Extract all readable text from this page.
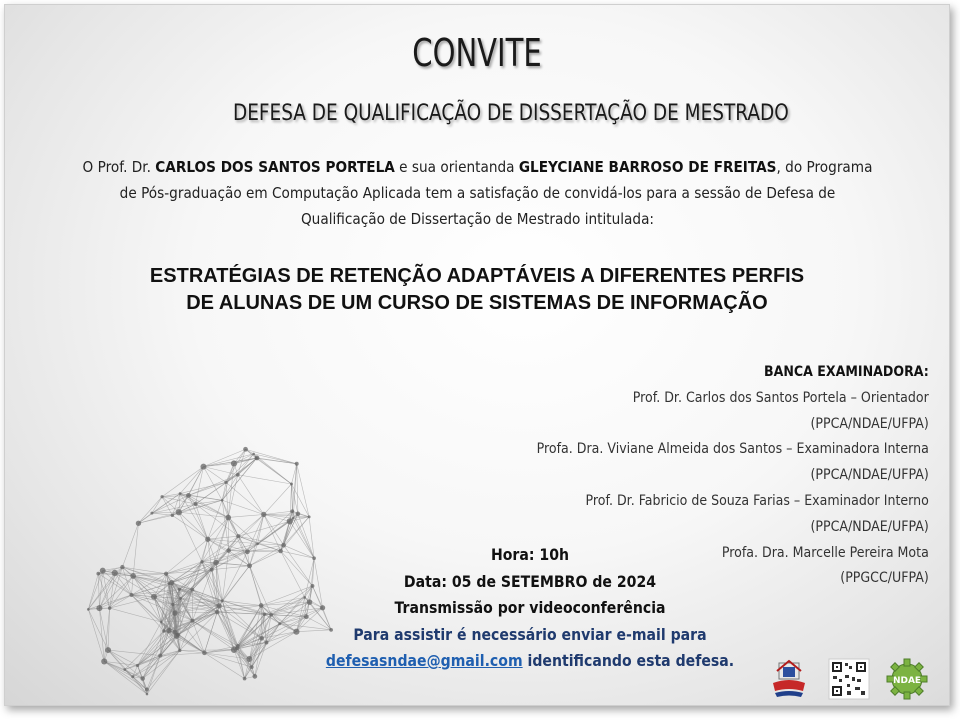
CONVITE
DEFESA DE QUALIFICAÇÃO DE DISSERTAÇÃO DE MESTRADO
O Prof. Dr. CARLOS DOS SANTOS PORTELA e sua orientanda GLEYCIANE BARROSO DE FREITAS, do Programa
de Pós-graduação em Computação Aplicada tem a satisfação de convidá-los para a sessão de Defesa de
Qualificação de Dissertação de Mestrado intitulada:
ESTRATÉGIAS DE RETENÇÃO ADAPTÁVEIS A DIFERENTES PERFIS
DE ALUNAS DE UM CURSO DE SISTEMAS DE INFORMAÇÃO
BANCA EXAMINADORA:
Prof. Dr. Carlos dos Santos Portela – Orientador
(PPCA/NDAE/UFPA)
Profa. Dra. Viviane Almeida dos Santos – Examinadora Interna
(PPCA/NDAE/UFPA)
Prof. Dr. Fabricio de Souza Farias – Examinador Interno
(PPCA/NDAE/UFPA)
Profa. Dra. Marcelle Pereira Mota
(PPGCC/UFPA)
Hora: 10h
Data: 05 de SETEMBRO de 2024
Transmissão por videoconferência
Para assistir é necessário enviar e-mail para
defesasndae@gmail.com identificando esta defesa.
NDAE
